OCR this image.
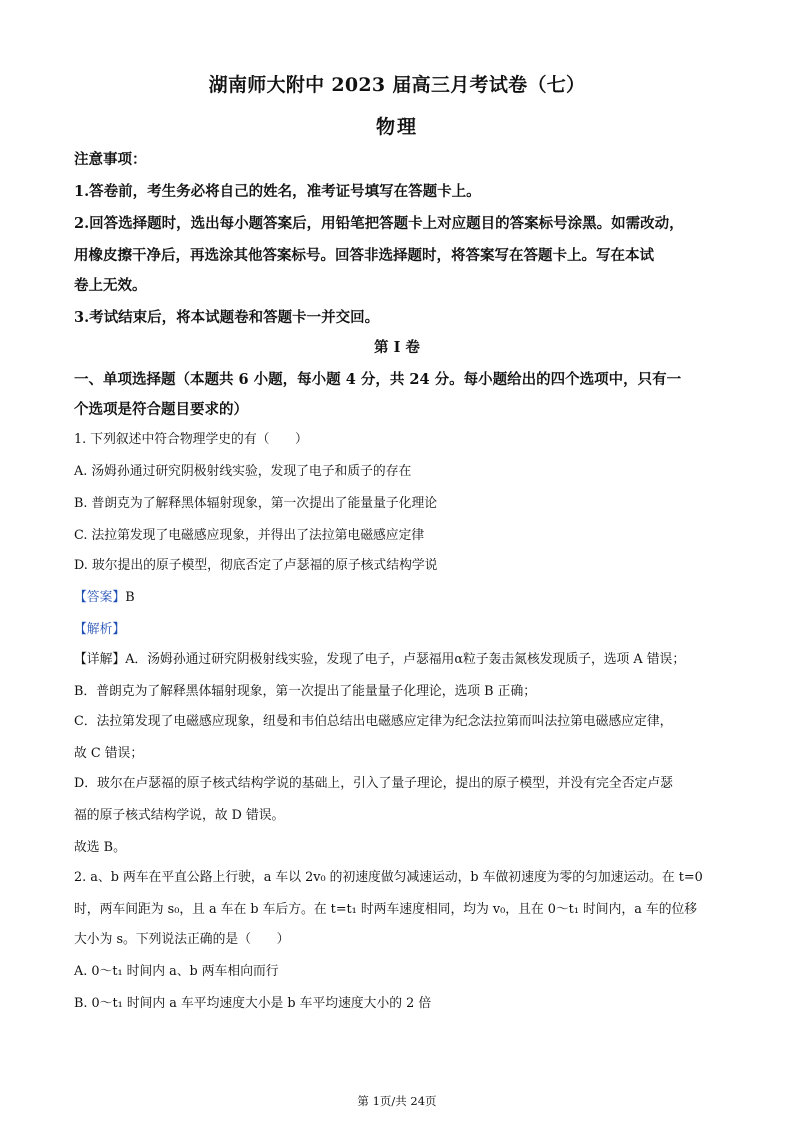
湖南师大附中 2023 届高三月考试卷（七）
物理
注意事项：
1.答卷前，考生务必将自己的姓名，准考证号填写在答题卡上。
2.回答选择题时，选出每小题答案后，用铅笔把答题卡上对应题目的答案标号涂黑。如需改动，
用橡皮擦干净后，再选涂其他答案标号。回答非选择题时，将答案写在答题卡上。写在本试
卷上无效。
3.考试结束后，将本试题卷和答题卡一并交回。
第 I 卷
一、单项选择题（本题共 6 小题，每小题 4 分，共 24 分。每小题给出的四个选项中，只有一
个选项是符合题目要求的）
1. 下列叙述中符合物理学史的有（　　）
A. 汤姆孙通过研究阴极射线实验，发现了电子和质子的存在
B. 普朗克为了解释黑体辐射现象，第一次提出了能量量子化理论
C. 法拉第发现了电磁感应现象，并得出了法拉第电磁感应定律
D. 玻尔提出的原子模型，彻底否定了卢瑟福的原子核式结构学说
【答案】B
【解析】
【详解】A．汤姆孙通过研究阴极射线实验，发现了电子，卢瑟福用α粒子轰击氮核发现质子，选项 A 错误；
B．普朗克为了解释黑体辐射现象，第一次提出了能量量子化理论，选项 B 正确；
C．法拉第发现了电磁感应现象，纽曼和韦伯总结出电磁感应定律为纪念法拉第而叫法拉第电磁感应定律，
故 C 错误；
D．玻尔在卢瑟福的原子核式结构学说的基础上，引入了量子理论，提出的原子模型，并没有完全否定卢瑟
福的原子核式结构学说，故 D 错误。
故选 B。
2. a、b 两车在平直公路上行驶，a 车以 2v₀ 的初速度做匀减速运动，b 车做初速度为零的匀加速运动。在 t=0
时，两车间距为 s₀，且 a 车在 b 车后方。在 t=t₁ 时两车速度相同，均为 v₀，且在 0～t₁ 时间内，a 车的位移
大小为 s。下列说法正确的是（　　）
A. 0～t₁ 时间内 a、b 两车相向而行
B. 0～t₁ 时间内 a 车平均速度大小是 b 车平均速度大小的 2 倍
第 1页/共 24页
